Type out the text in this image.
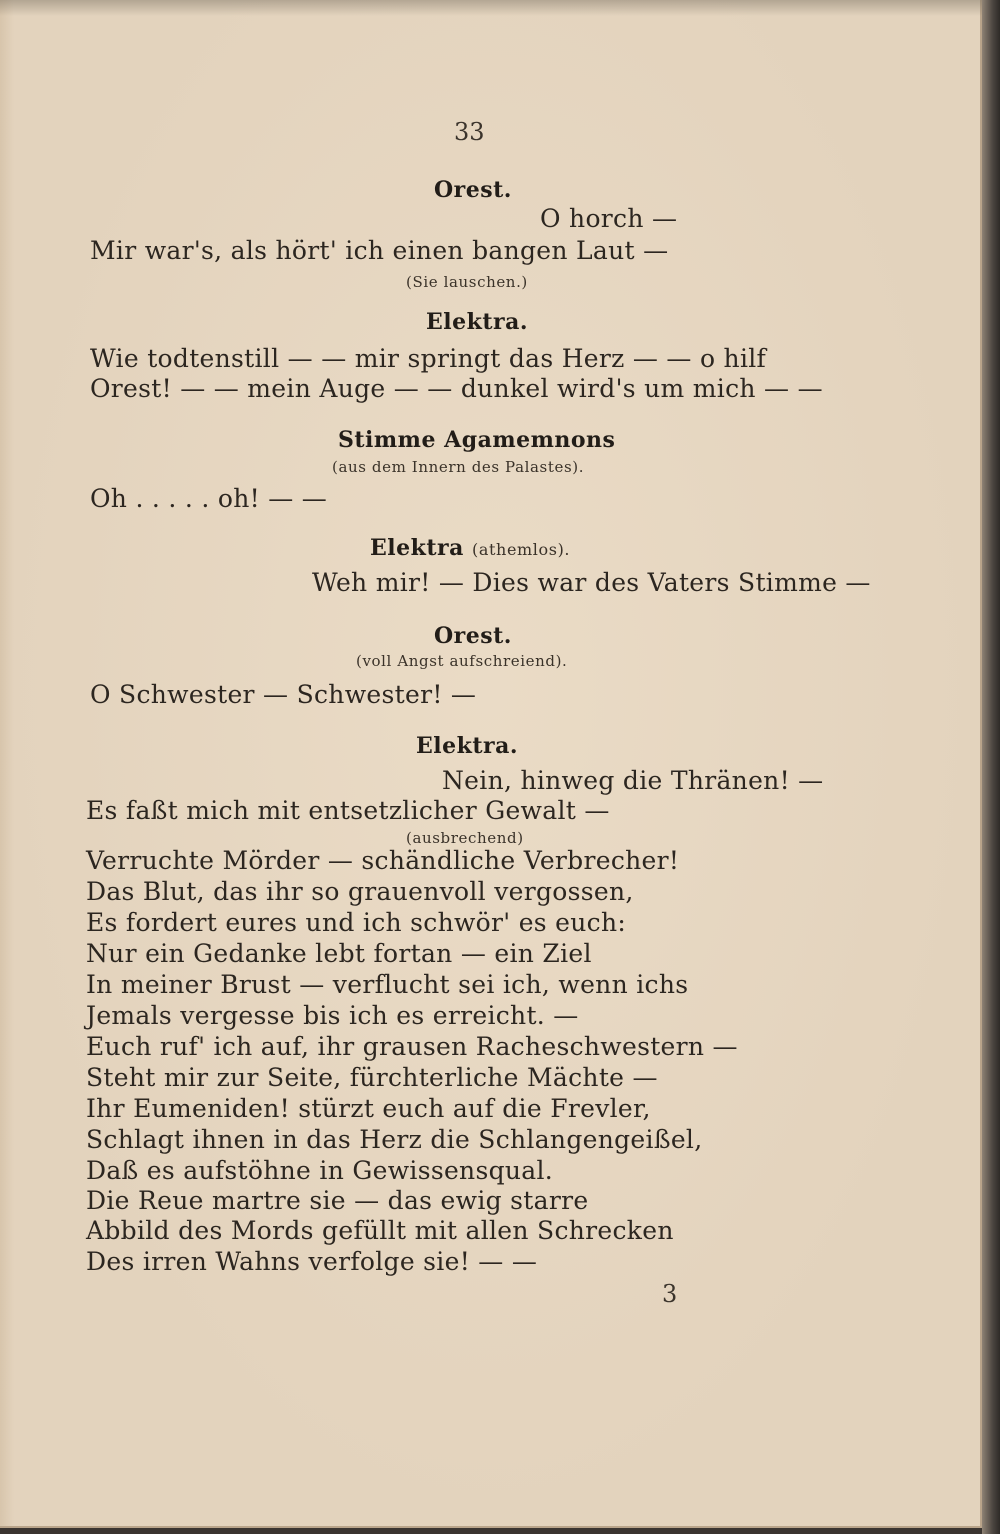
33
Orest.
O horch —
Mir war's, als hört' ich einen bangen Laut —
(Sie lauschen.)
Elektra.
Wie todtenstill — — mir springt das Herz — — o hilf
Orest! — — mein Auge — — dunkel wird's um mich — —
Stimme Agamemnons
(aus dem Innern des Palastes).
Oh . . . . . oh! — —
Elektra (athemlos).
Weh mir! — Dies war des Vaters Stimme —
Orest.
(voll Angst aufschreiend).
O Schwester — Schwester! —
Elektra.
Nein, hinweg die Thränen! —
Es faßt mich mit entsetzlicher Gewalt —
(ausbrechend)
Verruchte Mörder — schändliche Verbrecher!
Das Blut, das ihr so grauenvoll vergossen,
Es fordert eures und ich schwör' es euch:
Nur ein Gedanke lebt fortan — ein Ziel
In meiner Brust — verflucht sei ich, wenn ichs
Jemals vergesse bis ich es erreicht. —
Euch ruf' ich auf, ihr grausen Racheschwestern —
Steht mir zur Seite, fürchterliche Mächte —
Ihr Eumeniden! stürzt euch auf die Frevler,
Schlagt ihnen in das Herz die Schlangengeißel,
Daß es aufstöhne in Gewissensqual.
Die Reue martre sie — das ewig starre
Abbild des Mords gefüllt mit allen Schrecken
Des irren Wahns verfolge sie! — —
3
